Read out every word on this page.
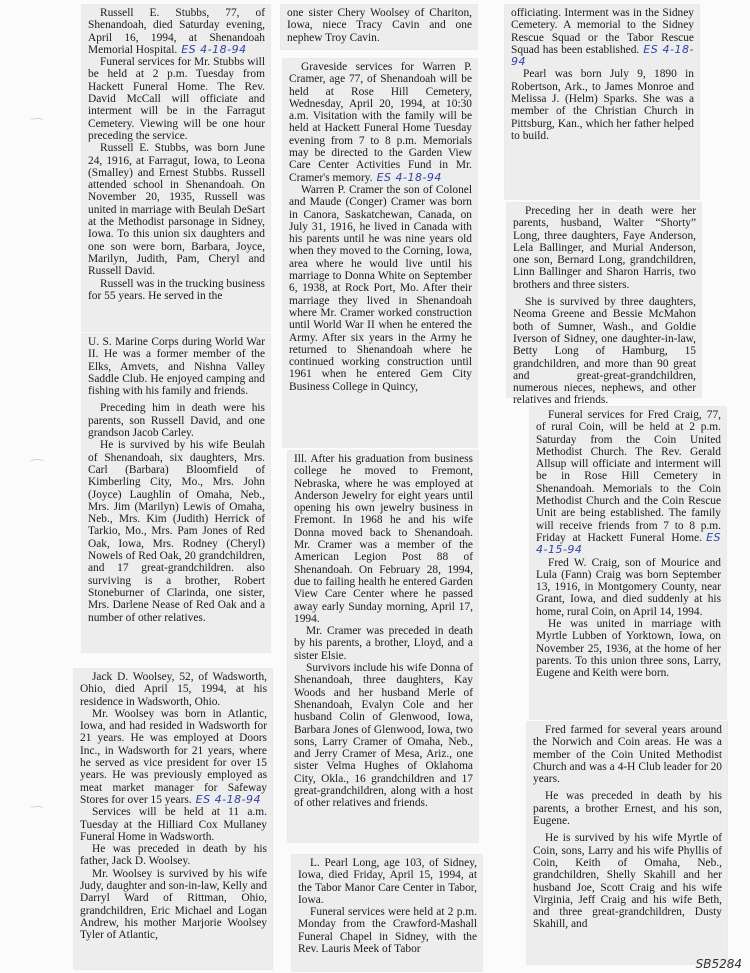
Russell E. Stubbs, 77, of Shenandoah, died Saturday evening, April 16, 1994, at Shenandoah Memorial Hospital. ES 4-18-94

Funeral services for Mr. Stubbs will be held at 2 p.m. Tuesday from Hackett Funeral Home. The Rev. David McCall will officiate and interment will be in the Farragut Cemetery. Viewing will be one hour preceding the service.

Russell E. Stubbs, was born June 24, 1916, at Farragut, Iowa, to Leona (Smalley) and Ernest Stubbs. Russell attended school in Shenandoah. On November 20, 1935, Russell was united in marriage with Beulah DeSart at the Methodist parsonage in Sidney, Iowa. To this union six daughters and one son were born, Barbara, Joyce, Marilyn, Judith, Pam, Cheryl and Russell David.

Russell was in the trucking business for 55 years. He served in the

U. S. Marine Corps during World War II. He was a former member of the Elks, Amvets, and Nishna Valley Saddle Club. He enjoyed camping and fishing with his family and friends.

Preceding him in death were his parents, son Russell David, and one grandson Jacob Carley.

He is survived by his wife Beulah of Shenandoah, six daughters, Mrs. Carl (Barbara) Bloomfield of Kimberling City, Mo., Mrs. John (Joyce) Laughlin of Omaha, Neb., Mrs. Jim (Marilyn) Lewis of Omaha, Neb., Mrs. Kim (Judith) Herrick of Tarkio, Mo., Mrs. Pam Jones of Red Oak, Iowa, Mrs. Rodney (Cheryl) Nowels of Red Oak, 20 grandchildren, and 17 great-grandchildren. also surviving is a brother, Robert Stoneburner of Clarinda, one sister, Mrs. Darlene Nease of Red Oak and a number of other relatives.

Jack D. Woolsey, 52, of Wadsworth, Ohio, died April 15, 1994, at his residence in Wadsworth, Ohio.

Mr. Woolsey was born in Atlantic, Iowa, and had resided in Wadsworth for 21 years. He was employed at Doors Inc., in Wadsworth for 21 years, where he served as vice president for over 15 years. He was previously employed as meat market manager for Safeway Stores for over 15 years. ES 4-18-94

Services will be held at 11 a.m. Tuesday at the Hilliard Cox Mullaney Funeral Home in Wadsworth.

He was preceded in death by his father, Jack D. Woolsey.

Mr. Woolsey is survived by his wife Judy, daughter and son-in-law, Kelly and Darryl Ward of Rittman, Ohio, grandchildren, Eric Michael and Logan Andrew, his mother Marjorie Woolsey Tyler of Atlantic,

one sister Chery Woolsey of Chariton, Iowa, niece Tracy Cavin and one nephew Troy Cavin.

Graveside services for Warren P. Cramer, age 77, of Shenandoah will be held at Rose Hill Cemetery, Wednesday, April 20, 1994, at 10:30 a.m. Visitation with the family will be held at Hackett Funeral Home Tuesday evening from 7 to 8 p.m. Memorials may be directed to the Garden View Care Center Activities Fund in Mr. Cramer's memory. ES 4-18-94

Warren P. Cramer the son of Colonel and Maude (Conger) Cramer was born in Canora, Saskatchewan, Canada, on July 31, 1916, he lived in Canada with his parents until he was nine years old when they moved to the Corning, Iowa, area where he would live until his marriage to Donna White on September 6, 1938, at Rock Port, Mo. After their marriage they lived in Shenandoah where Mr. Cramer worked construction until World War II when he entered the Army. After six years in the Army he returned to Shenandoah where he continued working construction until 1961 when he entered Gem City Business College in Quincy,

Ill. After his graduation from business college he moved to Fremont, Nebraska, where he was employed at Anderson Jewelry for eight years until opening his own jewelry business in Fremont. In 1968 he and his wife Donna moved back to Shenandoah. Mr. Cramer was a member of the American Legion Post 88 of Shenandoah. On February 28, 1994, due to failing health he entered Garden View Care Center where he passed away early Sunday morning, April 17, 1994.

Mr. Cramer was preceded in death by his parents, a brother, Lloyd, and a sister Elsie.

Survivors include his wife Donna of Shenandoah, three daughters, Kay Woods and her husband Merle of Shenandoah, Evalyn Cole and her husband Colin of Glenwood, Iowa, Barbara Jones of Glenwood, Iowa, two sons, Larry Cramer of Omaha, Neb., and Jerry Cramer of Mesa, Ariz., one sister Velma Hughes of Oklahoma City, Okla., 16 grandchildren and 17 great-grandchildren, along with a host of other relatives and friends.

L. Pearl Long, age 103, of Sidney, Iowa, died Friday, April 15, 1994, at the Tabor Manor Care Center in Tabor, Iowa.

Funeral services were held at 2 p.m. Monday from the Crawford-Mashall Funeral Chapel in Sidney, with the Rev. Lauris Meek of Tabor

officiating. Interment was in the Sidney Cemetery. A memorial to the Sidney Rescue Squad or the Tabor Rescue Squad has been established. ES 4-18-94

Pearl was born July 9, 1890 in Robertson, Ark., to James Monroe and Melissa J. (Helm) Sparks. She was a member of the Christian Church in Pittsburg, Kan., which her father helped to build.

Preceding her in death were her parents, husband, Walter “Shorty” Long, three daughters, Faye Anderson, Lela Ballinger, and Murial Anderson, one son, Bernard Long, grandchildren, Linn Ballinger and Sharon Harris, two brothers and three sisters.

She is survived by three daughters, Neoma Greene and Bessie McMahon both of Sumner, Wash., and Goldie Iverson of Sidney, one daughter-in-law, Betty Long of Hamburg, 15 grandchildren, and more than 90 great and great-great-grandchildren, numerous nieces, nephews, and other relatives and friends.

Funeral services for Fred Craig, 77, of rural Coin, will be held at 2 p.m. Saturday from the Coin United Methodist Church. The Rev. Gerald Allsup will officiate and interment will be in Rose Hill Cemetery in Shenandoah. Memorials to the Coin Methodist Church and the Coin Rescue Unit are being established. The family will receive friends from 7 to 8 p.m. Friday at Hackett Funeral Home. ES 4-15-94

Fred W. Craig, son of Mourice and Lula (Fann) Craig was born September 13, 1916, in Montgomery County, near Grant, Iowa, and died suddenly at his home, rural Coin, on April 14, 1994.

He was united in marriage with Myrtle Lubben of Yorktown, Iowa, on November 25, 1936, at the home of her parents. To this union three sons, Larry, Eugene and Keith were born.

Fred farmed for several years around the Norwich and Coin areas. He was a member of the Coin United Methodist Church and was a 4-H Club leader for 20 years.

He was preceded in death by his parents, a brother Ernest, and his son, Eugene.

He is survived by his wife Myrtle of Coin, sons, Larry and his wife Phyllis of Coin, Keith of Omaha, Neb., grandchildren, Shelly Skahill and her husband Joe, Scott Craig and his wife Virginia, Jeff Craig and his wife Beth, and three great-grandchildren, Dusty Skahill, and

SB5284
